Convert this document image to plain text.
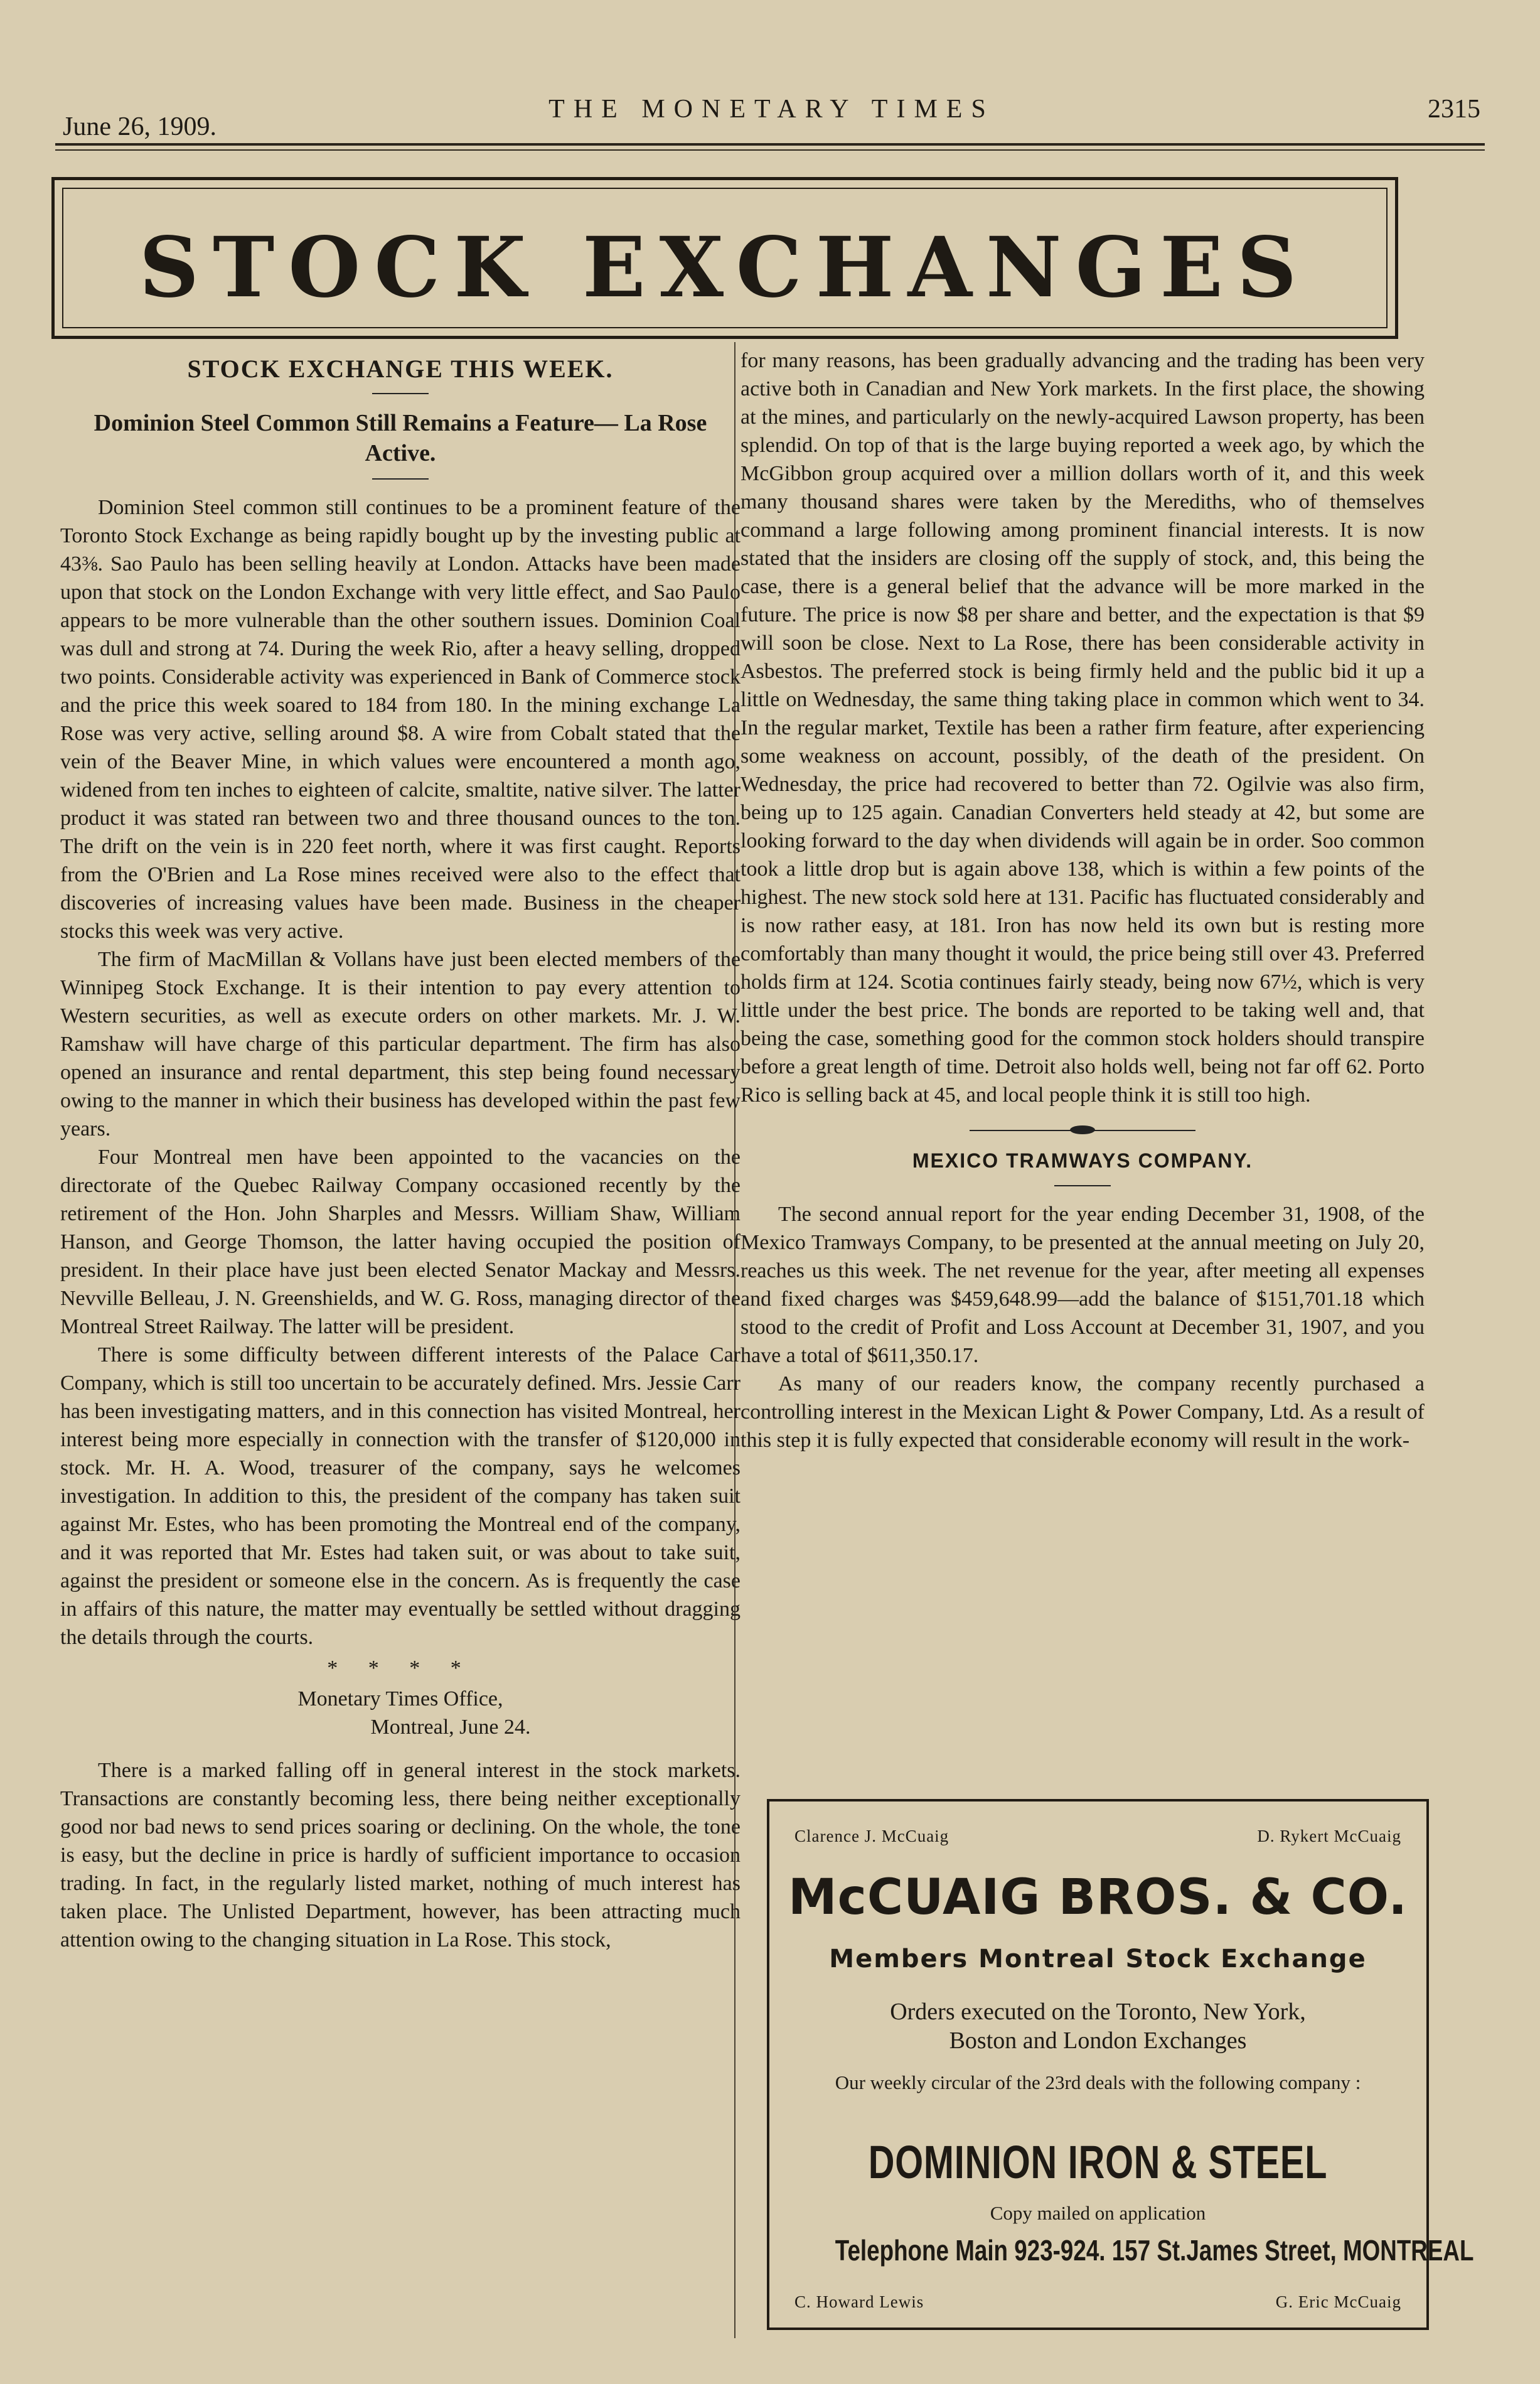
THE MONETARY TIMES
June 26, 1909.
2315
STOCK EXCHANGES
STOCK EXCHANGE THIS WEEK.
Dominion Steel Common Still Remains a Feature— La Rose Active.

Dominion Steel common still continues to be a prominent feature of the Toronto Stock Exchange as being rapidly bought up by the investing public at 43⅜. Sao Paulo has been selling heavily at London. Attacks have been made upon that stock on the London Exchange with very little effect, and Sao Paulo appears to be more vulnerable than the other southern issues. Dominion Coal was dull and strong at 74. During the week Rio, after a heavy selling, dropped two points. Considerable activity was experienced in Bank of Commerce stock and the price this week soared to 184 from 180. In the mining exchange La Rose was very active, selling around $8. A wire from Cobalt stated that the vein of the Beaver Mine, in which values were encountered a month ago, widened from ten inches to eighteen of calcite, smaltite, native silver. The latter product it was stated ran between two and three thousand ounces to the ton. The drift on the vein is in 220 feet north, where it was first caught. Reports from the O'Brien and La Rose mines received were also to the effect that discoveries of increasing values have been made. Business in the cheaper stocks this week was very active.

The firm of MacMillan & Vollans have just been elected members of the Winnipeg Stock Exchange. It is their intention to pay every attention to Western securities, as well as execute orders on other markets. Mr. J. W. Ramshaw will have charge of this particular department. The firm has also opened an insurance and rental department, this step being found necessary owing to the manner in which their business has developed within the past few years.

Four Montreal men have been appointed to the vacancies on the directorate of the Quebec Railway Company occasioned recently by the retirement of the Hon. John Sharples and Messrs. William Shaw, William Hanson, and George Thomson, the latter having occupied the position of president. In their place have just been elected Senator Mackay and Messrs. Nevville Belleau, J. N. Greenshields, and W. G. Ross, managing director of the Montreal Street Railway. The latter will be president.

There is some difficulty between different interests of the Palace Car Company, which is still too uncertain to be accurately defined. Mrs. Jessie Carr has been investigating matters, and in this connection has visited Montreal, her interest being more especially in connection with the transfer of $120,000 in stock. Mr. H. A. Wood, treasurer of the company, says he welcomes investigation. In addition to this, the president of the company has taken suit against Mr. Estes, who has been promoting the Montreal end of the company, and it was reported that Mr. Estes had taken suit, or was about to take suit, against the president or someone else in the concern. As is frequently the case in affairs of this nature, the matter may eventually be settled without dragging the details through the courts.

* * * *

Monetary Times Office,

Montreal, June 24.

There is a marked falling off in general interest in the stock markets. Transactions are constantly becoming less, there being neither exceptionally good nor bad news to send prices soaring or declining. On the whole, the tone is easy, but the decline in price is hardly of sufficient importance to occasion trading. In fact, in the regularly listed market, nothing of much interest has taken place. The Unlisted Department, however, has been attracting much attention owing to the changing situation in La Rose. This stock,

for many reasons, has been gradually advancing and the trading has been very active both in Canadian and New York markets. In the first place, the showing at the mines, and particularly on the newly-acquired Lawson property, has been splendid. On top of that is the large buying reported a week ago, by which the McGibbon group acquired over a million dollars worth of it, and this week many thousand shares were taken by the Merediths, who of themselves command a large following among prominent financial interests. It is now stated that the insiders are closing off the supply of stock, and, this being the case, there is a general belief that the advance will be more marked in the future. The price is now $8 per share and better, and the expectation is that $9 will soon be close. Next to La Rose, there has been considerable activity in Asbestos. The preferred stock is being firmly held and the public bid it up a little on Wednesday, the same thing taking place in common which went to 34. In the regular market, Textile has been a rather firm feature, after experiencing some weakness on account, possibly, of the death of the president. On Wednesday, the price had recovered to better than 72. Ogilvie was also firm, being up to 125 again. Canadian Converters held steady at 42, but some are looking forward to the day when dividends will again be in order. Soo common took a little drop but is again above 138, which is within a few points of the highest. The new stock sold here at 131. Pacific has fluctuated considerably and is now rather easy, at 181. Iron has now held its own but is resting more comfortably than many thought it would, the price being still over 43. Preferred holds firm at 124. Scotia continues fairly steady, being now 67½, which is very little under the best price. The bonds are reported to be taking well and, that being the case, something good for the common stock holders should transpire before a great length of time. Detroit also holds well, being not far off 62. Porto Rico is selling back at 45, and local people think it is still too high.

MEXICO TRAMWAYS COMPANY.

The second annual report for the year ending December 31, 1908, of the Mexico Tramways Company, to be presented at the annual meeting on July 20, reaches us this week. The net revenue for the year, after meeting all expenses and fixed charges was $459,648.99—add the balance of $151,701.18 which stood to the credit of Profit and Loss Account at December 31, 1907, and you have a total of $611,350.17.

As many of our readers know, the company recently purchased a controlling interest in the Mexican Light & Power Company, Ltd. As a result of this step it is fully expected that considerable economy will result in the work-

Clarence J. McCuaig	D. Rykert McCuaig
McCUAIG BROS. & CO.
Members Montreal Stock Exchange
Orders executed on the Toronto, New York, Boston and London Exchanges
Our weekly circular of the 23rd deals with the following company :
DOMINION IRON & STEEL
Copy mailed on application
Telephone Main 923-924. 157 St.James Street, MONTREAL
C. Howard Lewis	G. Eric McCuaig
